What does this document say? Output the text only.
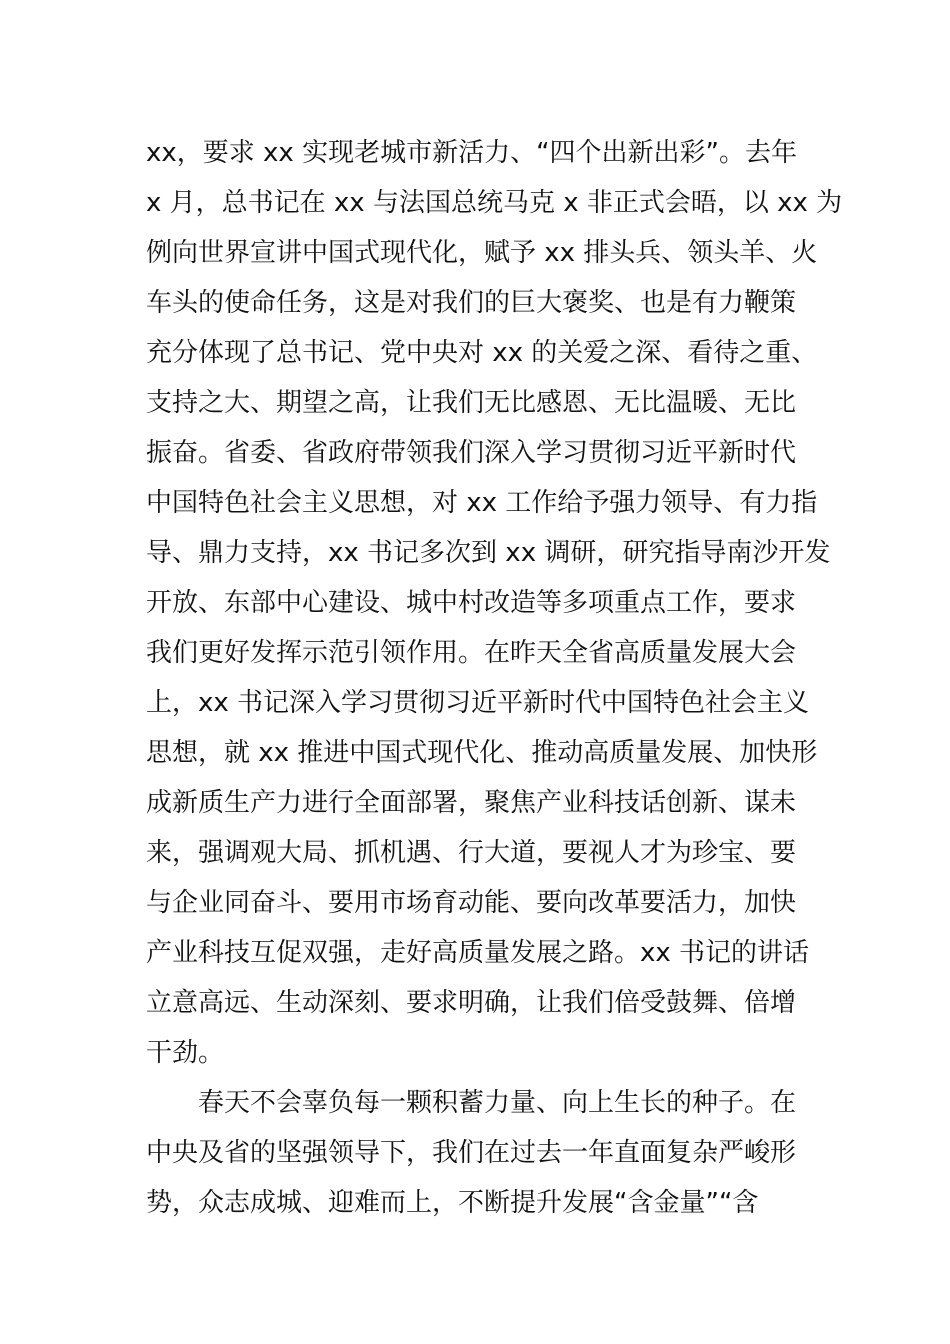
xx，要求 xx 实现老城市新活力、“四个出新出彩”。去年
x 月，总书记在 xx 与法国总统马克 x 非正式会晤，以 xx 为
例向世界宣讲中国式现代化，赋予 xx 排头兵、领头羊、火
车头的使命任务，这是对我们的巨大褒奖、也是有力鞭策
充分体现了总书记、党中央对 xx 的关爱之深、看待之重、
支持之大、期望之高，让我们无比感恩、无比温暖、无比
振奋。省委、省政府带领我们深入学习贯彻习近平新时代
中国特色社会主义思想，对 xx 工作给予强力领导、有力指
导、鼎力支持，xx 书记多次到 xx 调研，研究指导南沙开发
开放、东部中心建设、城中村改造等多项重点工作，要求
我们更好发挥示范引领作用。在昨天全省高质量发展大会
上，xx 书记深入学习贯彻习近平新时代中国特色社会主义
思想，就 xx 推进中国式现代化、推动高质量发展、加快形
成新质生产力进行全面部署，聚焦产业科技话创新、谋未
来，强调观大局、抓机遇、行大道，要视人才为珍宝、要
与企业同奋斗、要用市场育动能、要向改革要活力，加快
产业科技互促双强，走好高质量发展之路。xx 书记的讲话
立意高远、生动深刻、要求明确，让我们倍受鼓舞、倍增
干劲。
　　春天不会辜负每一颗积蓄力量、向上生长的种子。在
中央及省的坚强领导下，我们在过去一年直面复杂严峻形
势，众志成城、迎难而上，不断提升发展“含金量”“含
